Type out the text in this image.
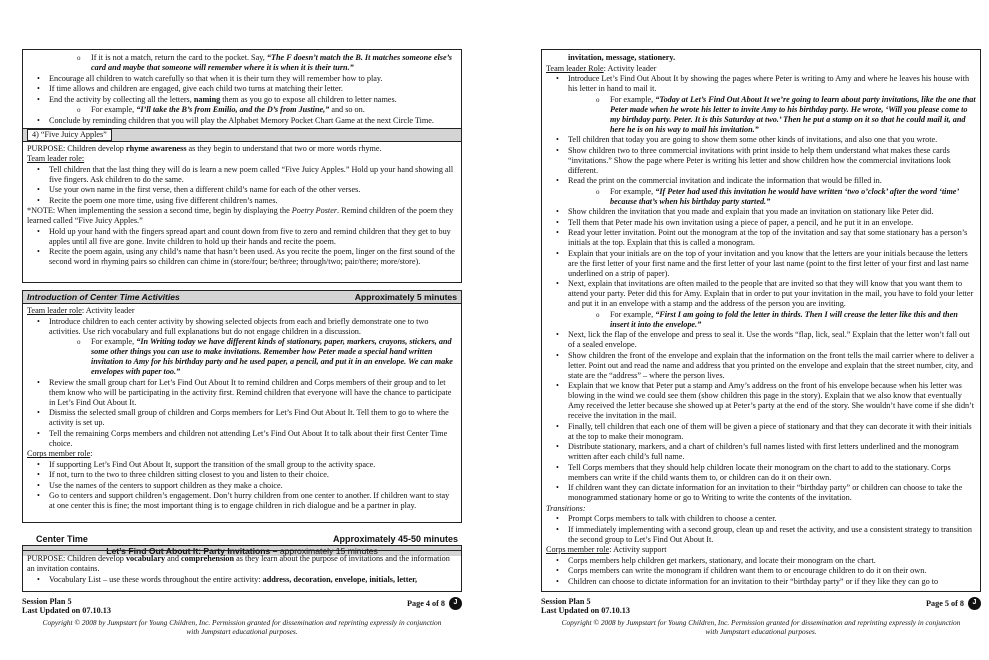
o If it is not a match, return the card to the pocket. Say, “The F doesn’t match the B. It matches someone else’s card and maybe that someone will remember where it is when it is their turn.”
• Encourage all children to watch carefully so that when it is their turn they will remember how to play.
• If time allows and children are engaged, give each child two turns at matching their letter.
• End the activity by collecting all the letters, naming them as you go to expose all children to letter names.
o For example, “I’ll take the B’s from Emilio, and the D’s from Justine,” and so on.
• Conclude by reminding children that you will play the Alphabet Memory Pocket Chart Game at the next Circle Time.
4) “Five Juicy Apples”

PURPOSE: Children develop rhyme awareness as they begin to understand that two or more words rhyme.

Team leader role:

• Tell children that the last thing they will do is learn a new poem called “Five Juicy Apples.” Hold up your hand showing all five fingers. Ask children to do the same.
• Use your own name in the first verse, then a different child’s name for each of the other verses.
• Recite the poem one more time, using five different children’s names.

*NOTE: When implementing the session a second time, begin by displaying the Poetry Poster. Remind children of the poem they learned called “Five Juicy Apples.”

• Hold up your hand with the fingers spread apart and count down from five to zero and remind children that they get to buy apples until all five are gone. Invite children to hold up their hands and recite the poem.
• Recite the poem again, using any child’s name that hasn’t been used. As you recite the poem, linger on the first sound of the second word in rhyming pairs so children can chime in (store/four; be/three; through/two; pair/there; more/store).
Introduction of Center Time Activities	Approximately 5 minutes

Team leader role: Activity leader

• Introduce children to each center activity by showing selected objects from each and briefly demonstrate one to two activities. Use rich vocabulary and full explanations but do not engage children in a discussion.
o For example, “In Writing today we have different kinds of stationary, paper, markers, crayons, stickers, and some other things you can use to make invitations. Remember how Peter made a special hand written invitation to Amy for his birthday party and he used paper, a pencil, and put it in an envelope. We can make envelopes with paper too.”
• Review the small group chart for Let’s Find Out About It to remind children and Corps members of their group and to let them know who will be participating in the activity first. Remind children that everyone will have the chance to participate in Let’s Find Out About It.
• Dismiss the selected small group of children and Corps members for Let’s Find Out About It. Tell them to go to where the activity is set up.
• Tell the remaining Corps members and children not attending Let’s Find Out About It to talk about their first Center Time choice.

Corps member role:

• If supporting Let’s Find Out About It, support the transition of the small group to the activity space.
• If not, turn to the two to three children sitting closest to you and listen to their choice.
• Use the names of the centers to support children as they make a choice.
• Go to centers and support children’s engagement. Don’t hurry children from one center to another. If children want to stay at one center this is fine; the most important thing is to engage children in rich dialogue and be a partner in play.
Center Time	Approximately 45-50 minutes
Let’s Find Out About It: Party Invitations – approximately 15 minutes

PURPOSE: Children develop vocabulary and comprehension as they learn about the purpose of invitations and the information an invitation contains.

• Vocabulary List – use these words throughout the entire activity: address, decoration, envelope, initials, letter,
Session Plan 5
Last Updated on 07.10.13
Page 4 of 8	J
Copyright © 2008 by Jumpstart for Young Children, Inc. Permission granted for dissemination and reprinting expressly in conjunction with Jumpstart educational purposes.

invitation, message, stationery.

Team leader Role: Activity leader

• Introduce Let’s Find Out About It by showing the pages where Peter is writing to Amy and where he leaves his house with his letter in hand to mail it.
o For example, “Today at Let’s Find Out About It we’re going to learn about party invitations, like the one that Peter made when he wrote his letter to invite Amy to his birthday party. He wrote, ‘Will you please come to my birthday party. Peter. It is this Saturday at two.’ Then he put a stamp on it so that he could mail it, and here he is on his way to mail his invitation.”
• Tell children that today you are going to show them some other kinds of invitations, and also one that you wrote.
• Show children two to three commercial invitations with print inside to help them understand what makes these cards “invitations.” Show the page where Peter is writing his letter and show children how the commercial invitations look different.
• Read the print on the commercial invitation and indicate the information that would be filled in.
o For example, “If Peter had used this invitation he would have written ‘two o’clock’ after the word ‘time’ because that’s when his birthday party started.”
• Show children the invitation that you made and explain that you made an invitation on stationary like Peter did.
• Tell them that Peter made his own invitation using a piece of paper, a pencil, and he put it in an envelope.
• Read your letter invitation. Point out the monogram at the top of the invitation and say that some stationary has a person’s initials at the top. Explain that this is called a monogram.
• Explain that your initials are on the top of your invitation and you know that the letters are your initials because the letters are the first letter of your first name and the first letter of your last name (point to the first letter of your first and last name underlined on a strip of paper).
• Next, explain that invitations are often mailed to the people that are invited so that they will know that you want them to attend your party. Peter did this for Amy. Explain that in order to put your invitation in the mail, you have to fold your letter and put it in an envelope with a stamp and the address of the person you are inviting.
o For example, “First I am going to fold the letter in thirds. Then I will crease the letter like this and then insert it into the envelope.”
• Next, lick the flap of the envelope and press to seal it. Use the words “flap, lick, seal.” Explain that the letter won’t fall out of a sealed envelope.
• Show children the front of the envelope and explain that the information on the front tells the mail carrier where to deliver a letter. Point out and read the name and address that you printed on the envelope and explain that the street number, city, and state are the “address” – where the person lives.
• Explain that we know that Peter put a stamp and Amy’s address on the front of his envelope because when his letter was blowing in the wind we could see them (show children this page in the story). Explain that we also know that eventually Amy received the letter because she showed up at Peter’s party at the end of the story. She wouldn’t have come if she didn’t receive the invitation in the mail.
• Finally, tell children that each one of them will be given a piece of stationary and that they can decorate it with their initials at the top to make their monogram.
• Distribute stationary, markers, and a chart of children’s full names listed with first letters underlined and the monogram written after each child’s full name.
• Tell Corps members that they should help children locate their monogram on the chart to add to the stationary. Corps members can write if the child wants them to, or children can do it on their own.
• If children want they can dictate information for an invitation to their “birthday party” or children can choose to take the monogrammed stationary home or go to Writing to write the contents of the invitation.

Transitions:

• Prompt Corps members to talk with children to choose a center.
• If immediately implementing with a second group, clean up and reset the activity, and use a consistent strategy to transition the second group to Let’s Find Out About It.

Corps member role: Activity support

• Corps members help children get markers, stationary, and locate their monogram on the chart.
• Corps members can write the monogram if children want them to or encourage children to do it on their own.
• Children can choose to dictate information for an invitation to their “birthday party” or if they like they can go to
Session Plan 5
Last Updated on 07.10.13
Page 5 of 8	J
Copyright © 2008 by Jumpstart for Young Children, Inc. Permission granted for dissemination and reprinting expressly in conjunction with Jumpstart educational purposes.
